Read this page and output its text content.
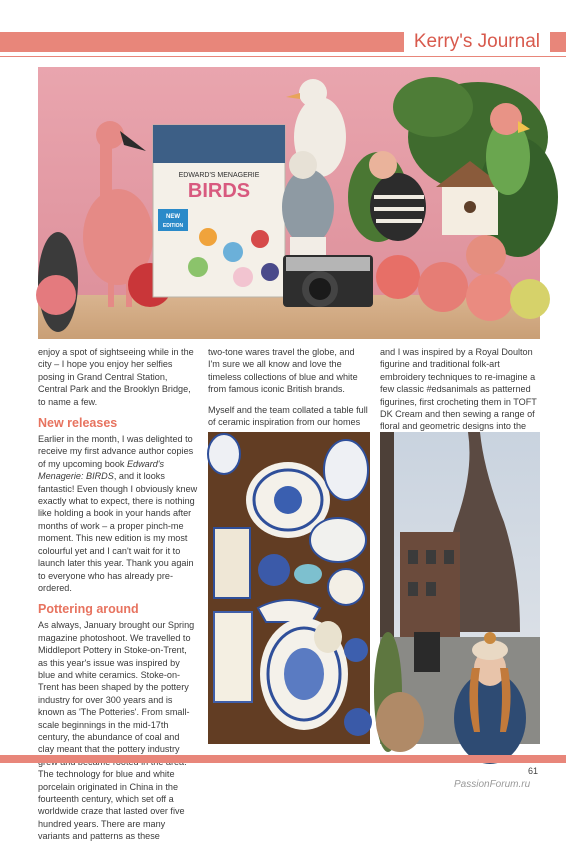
Kerry's Journal
EDWARD'S MENAGERIE
BIRDS
NEW
EDITION

enjoy a spot of sightseeing while in the city – I hope you enjoy her selfies posing in Grand Central Station, Central Park and the Brooklyn Bridge, to name a few.

New releases

Earlier in the month, I was delighted to receive my first advance author copies of my upcoming book Edward's Menagerie: BIRDS, and it looks fantastic! Even though I obviously knew exactly what to expect, there is nothing like holding a book in your hands after months of work – a proper pinch-me moment. This new edition is my most colourful yet and I can't wait for it to launch later this year. Thank you again to everyone who has already pre-ordered.

Pottering around

As always, January brought our Spring magazine photoshoot. We travelled to Middleport Pottery in Stoke-on-Trent, as this year's issue was inspired by blue and white ceramics. Stoke-on-Trent has been shaped by the pottery industry for over 300 years and is known as 'The Potteries'. From small-scale beginnings in the mid-17th century, the abundance of coal and clay meant that the pottery industry The technology for blue and white porcelain originated in China in the fourteenth century, which set off a worldwide craze that lasted over five hundred years. There are many variants and patterns as these

two-tone wares travel the globe, and I'm sure we all know and love the timeless collections of blue and white from famous iconic British brands.

Myself and the team collated a table full of ceramic inspiration from our homes

and I was inspired by a Royal Doulton figurine and traditional folk-art embroidery techniques to re-imagine a few classic #edsanimals as patterned figurines, first crocheting them in TOFT DK Cream and then sewing a range of floral and geometric designs into the

61
PassionForum.ru
